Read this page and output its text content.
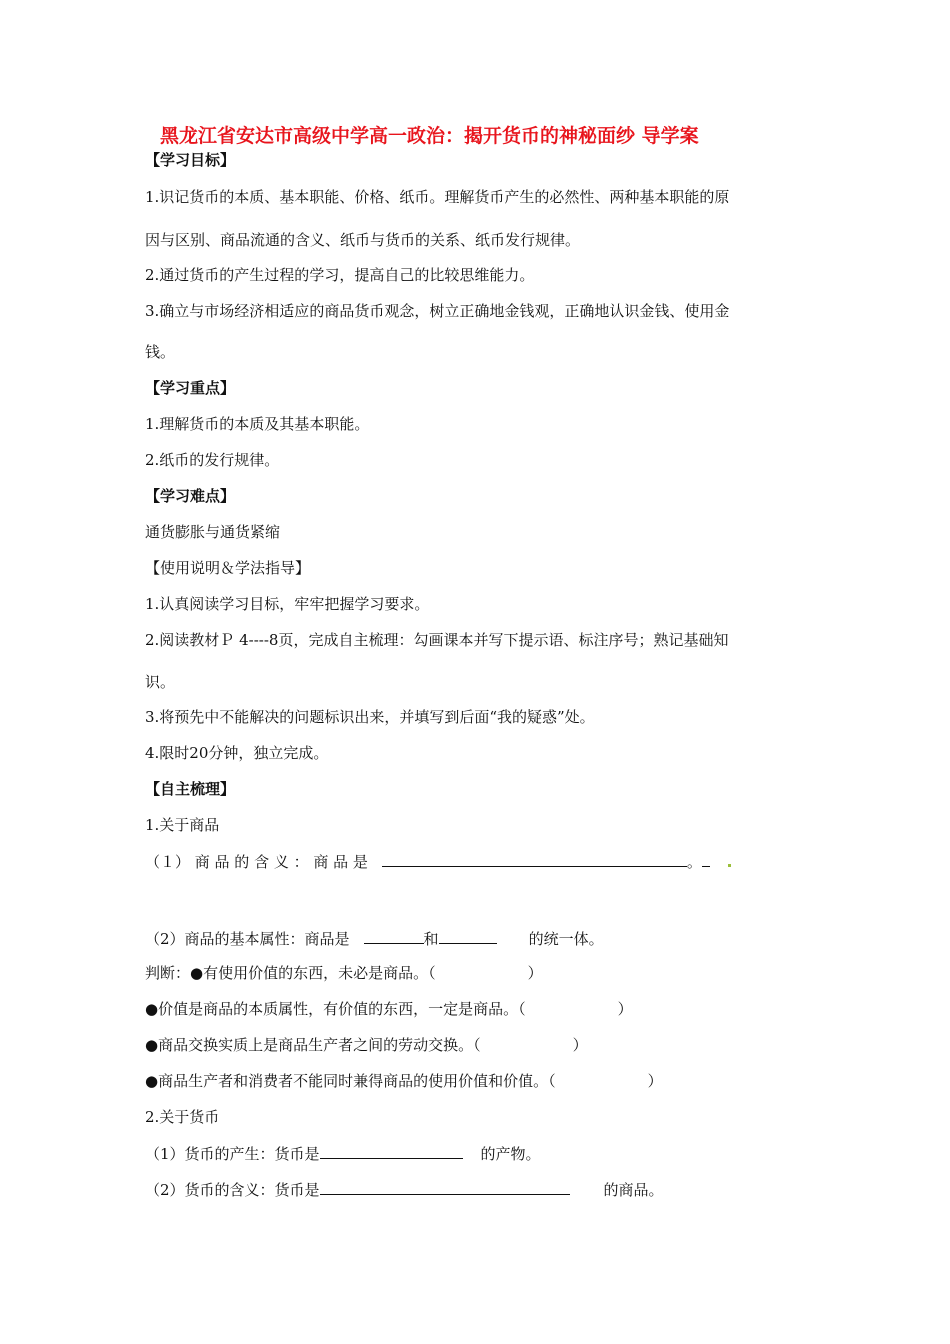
黑龙江省安达市高级中学高一政治：揭开货币的神秘面纱 导学案
【学习目标】
1.识记货币的本质、基本职能、价格、纸币。理解货币产生的必然性、两种基本职能的原
因与区别、商品流通的含义、纸币与货币的关系、纸币发行规律。
2.通过货币的产生过程的学习，提高自己的比较思维能力。
3.确立与市场经济相适应的商品货币观念，树立正确地金钱观，正确地认识金钱、使用金
钱。
【学习重点】
1.理解货币的本质及其基本职能。
2.纸币的发行规律。
【学习难点】
通货膨胀与通货紧缩
【使用说明＆学法指导】
1.认真阅读学习目标，牢牢把握学习要求。
2.阅读教材Ｐ 4----8页，完成自主梳理：勾画课本并写下提示语、标注序号；熟记基础知
识。
3.将预先中不能解决的问题标识出来，并填写到后面“我的疑惑”处。
4.限时20分钟，独立完成。
【自主梳理】
1.关于商品
（１） 商 品 的 含 义 ： 商 品 是	。
（2）商品的基本属性：商品是	和	的统一体。
判断：●有使用价值的东西，未必是商品。（	）
●价值是商品的本质属性，有价值的东西，一定是商品。（	）
●商品交换实质上是商品生产者之间的劳动交换。（	）
●商品生产者和消费者不能同时兼得商品的使用价值和价值。（	）
2.关于货币
（1）货币的产生：货币是	的产物。
（2）货币的含义：货币是	的商品。
